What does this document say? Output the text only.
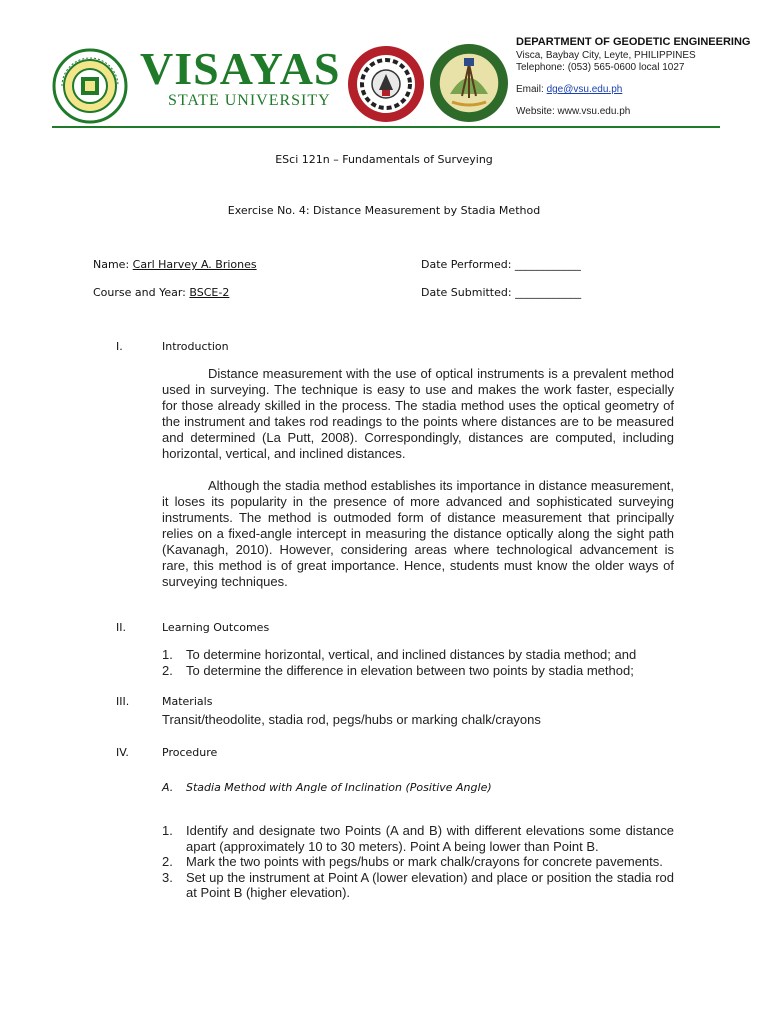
VISAYAS
STATE UNIVERSITY
DEPARTMENT OF GEODETIC ENGINEERING
Visca, Baybay City, Leyte, PHILIPPINES
Telephone: (053) 565-0600 local 1027
Email: dge@vsu.edu.ph
Website: www.vsu.edu.ph
ESci 121n – Fundamentals of Surveying
Exercise No. 4: Distance Measurement by Stadia Method
Name: Carl Harvey A. Briones	Date Performed: ____________
Course and Year: BSCE-2	Date Submitted: ____________
I.	Introduction
Distance measurement with the use of optical instruments is a prevalent method used in surveying. The technique is easy to use and makes the work faster, especially for those already skilled in the process. The stadia method uses the optical geometry of the instrument and takes rod readings to the points where distances are to be measured and determined (La Putt, 2008). Correspondingly, distances are computed, including horizontal, vertical, and inclined distances.
Although the stadia method establishes its importance in distance measurement, it loses its popularity in the presence of more advanced and sophisticated surveying instruments. The method is outmoded form of distance measurement that principally relies on a fixed-angle intercept in measuring the distance optically along the sight path (Kavanagh, 2010). However, considering areas where technological advancement is rare, this method is of great importance. Hence, students must know the older ways of surveying techniques.
II.	Learning Outcomes
1. To determine horizontal, vertical, and inclined distances by stadia method; and
2. To determine the difference in elevation between two points by stadia method;
III.	Materials
Transit/theodolite, stadia rod, pegs/hubs or marking chalk/crayons
IV.	Procedure
A. Stadia Method with Angle of Inclination (Positive Angle)
1. Identify and designate two Points (A and B) with different elevations some distance apart (approximately 10 to 30 meters). Point A being lower than Point B.
2. Mark the two points with pegs/hubs or mark chalk/crayons for concrete pavements.
3. Set up the instrument at Point A (lower elevation) and place or position the stadia rod at Point B (higher elevation).
